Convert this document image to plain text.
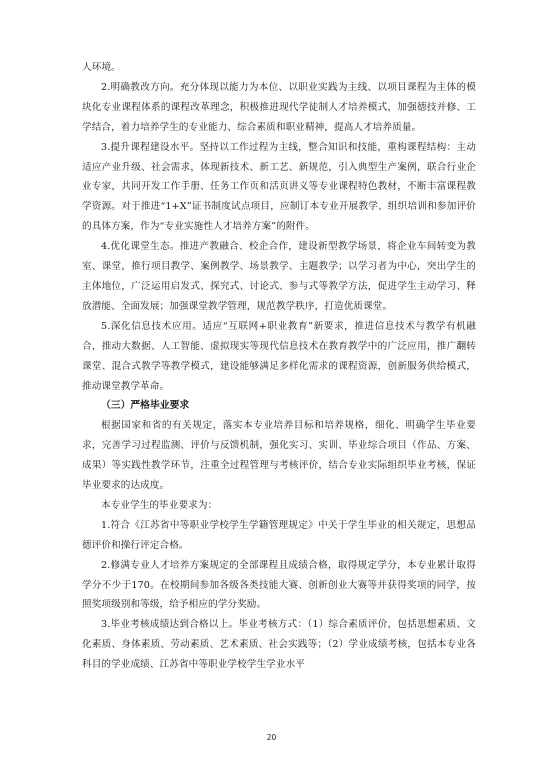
人环境。

2.明确教改方向。充分体现以能力为本位、以职业实践为主线、以项目课程为主体的模块化专业课程体系的课程改革理念，积极推进现代学徒制人才培养模式，加强德技并修、工学结合，着力培养学生的专业能力、综合素质和职业精神，提高人才培养质量。

3.提升课程建设水平。坚持以工作过程为主线，整合知识和技能，重构课程结构：主动适应产业升级、社会需求，体现新技术、新工艺、新规范，引入典型生产案例，联合行业企业专家，共同开发工作手册、任务工作页和活页讲义等专业课程特色教材，不断丰富课程教学资源。对于推进“1+X”证书制度试点项目，应制订本专业开展教学、组织培训和参加评价的具体方案，作为“专业实施性人才培养方案”的附件。

4.优化课堂生态。推进产教融合、校企合作，建设新型教学场景，将企业车间转变为教室、课堂，推行项目教学、案例教学、场景教学、主题教学；以学习者为中心，突出学生的主体地位，广泛运用启发式、探究式、讨论式、参与式等教学方法，促进学生主动学习、释放潜能、全面发展；加强课堂教学管理，规范教学秩序，打造优质课堂。

5.深化信息技术应用。适应“互联网+职业教育”新要求，推进信息技术与教学有机融合，推动大数据、人工智能、虚拟现实等现代信息技术在教育教学中的广泛应用，推广翻转课堂、混合式教学等教学模式，建设能够满足多样化需求的课程资源，创新服务供给模式，推动课堂教学革命。

（三）严格毕业要求

根据国家和省的有关规定，落实本专业培养目标和培养规格，细化、明确学生毕业要求，完善学习过程监测、评价与反馈机制，强化实习、实训、毕业综合项目（作品、方案、成果）等实践性教学环节，注重全过程管理与考核评价，结合专业实际组织毕业考核，保证毕业要求的达成度。

本专业学生的毕业要求为：

1.符合《江苏省中等职业学校学生学籍管理规定》中关于学生毕业的相关规定，思想品德评价和操行评定合格。

2.修满专业人才培养方案规定的全部课程且成绩合格，取得规定学分，本专业累计取得学分不少于170。在校期间参加各级各类技能大赛、创新创业大赛等并获得奖项的同学，按照奖项级别和等级，给予相应的学分奖励。

3.毕业考核成绩达到合格以上。毕业考核方式：（1）综合素质评价，包括思想素质、文化素质、身体素质、劳动素质、艺术素质、社会实践等；（2）学业成绩考核，包括本专业各科目的学业成绩、江苏省中等职业学校学生学业水平

20
